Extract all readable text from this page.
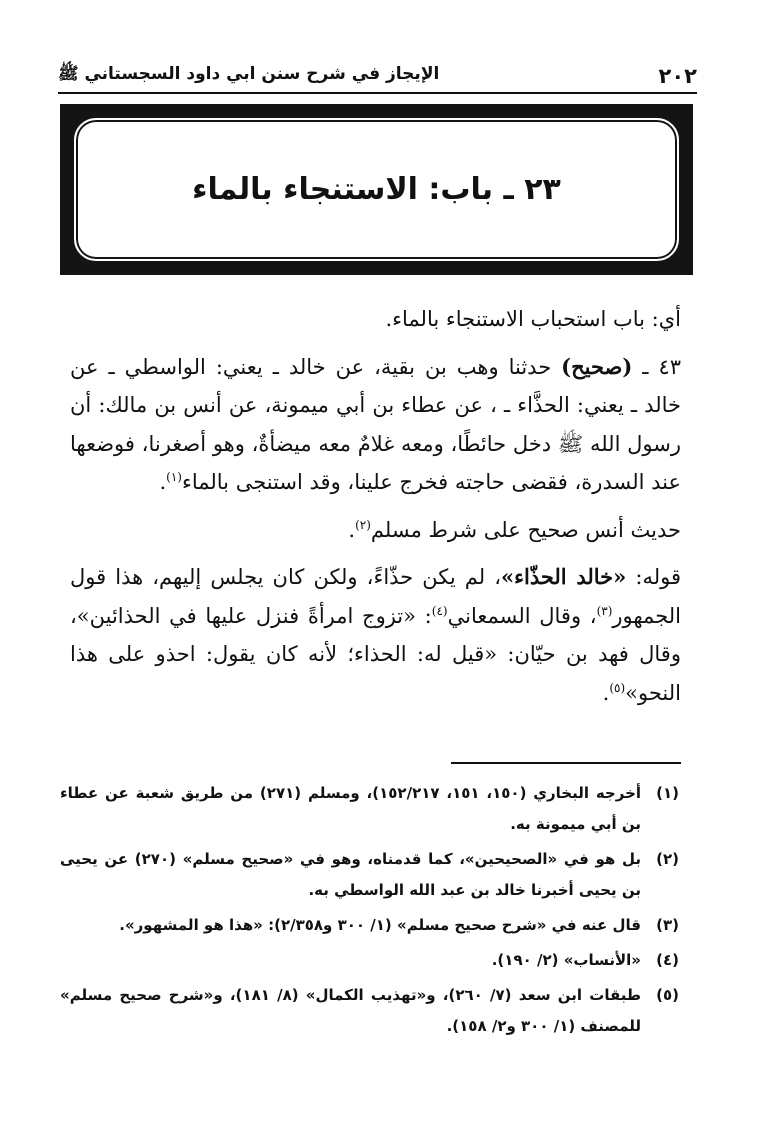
٢٠٢
الإيجاز في شرح سنن ابي داود السجستاني ﷺ
٢٣ ـ باب: الاستنجاء بالماء

أي: باب استحباب الاستنجاء بالماء.

٤٣ ـ (صحيح) حدثنا وهب بن بقية، عن خالد ـ يعني: الواسطي ـ عن خالد ـ يعني: الحذَّاء ـ ، عن عطاء بن أبي ميمونة، عن أنس بن مالك: أن رسول الله ﷺ دخل حائطًا، ومعه غلامٌ معه ميضأةٌ، وهو أصغرنا، فوضعها عند السدرة، فقضى حاجته فخرج علينا، وقد استنجى بالماء$^{(١)}$.

حديث أنس صحيح على شرط مسلم$^{(٢)}$.

قوله: «خالد الحذّاء»، لم يكن حذّاءً، ولكن كان يجلس إليهم، هذا قول الجمهور$^{(٣)}$، وقال السمعاني$^{(٤)}$: «تزوج امرأةً فنزل عليها في الحذائين»، وقال فهد بن حيّان: «قيل له: الحذاء؛ لأنه كان يقول: احذو على هذا النحو»$^{(٥)}$.

(١)
أخرجه البخاري (١٥٠، ١٥١، ١٥٢/٢١٧)، ومسلم (٢٧١) من طريق شعبة عن عطاء بن أبي ميمونة به.
(٢)
بل هو في «الصحيحين»، كما قدمناه، وهو في «صحيح مسلم» (٢٧٠) عن يحيى بن يحيى أخبرنا خالد بن عبد الله الواسطي به.
(٣)
قال عنه في «شرح صحيح مسلم» (١/ ٣٠٠ و٢/٣٥٨): «هذا هو المشهور».
(٤)
«الأنساب» (٢/ ١٩٠).
(٥)
طبقات ابن سعد (٧/ ٢٦٠)، و«تهذيب الكمال» (٨/ ١٨١)، و«شرح صحيح مسلم» للمصنف (١/ ٣٠٠ و٢/ ١٥٨).
